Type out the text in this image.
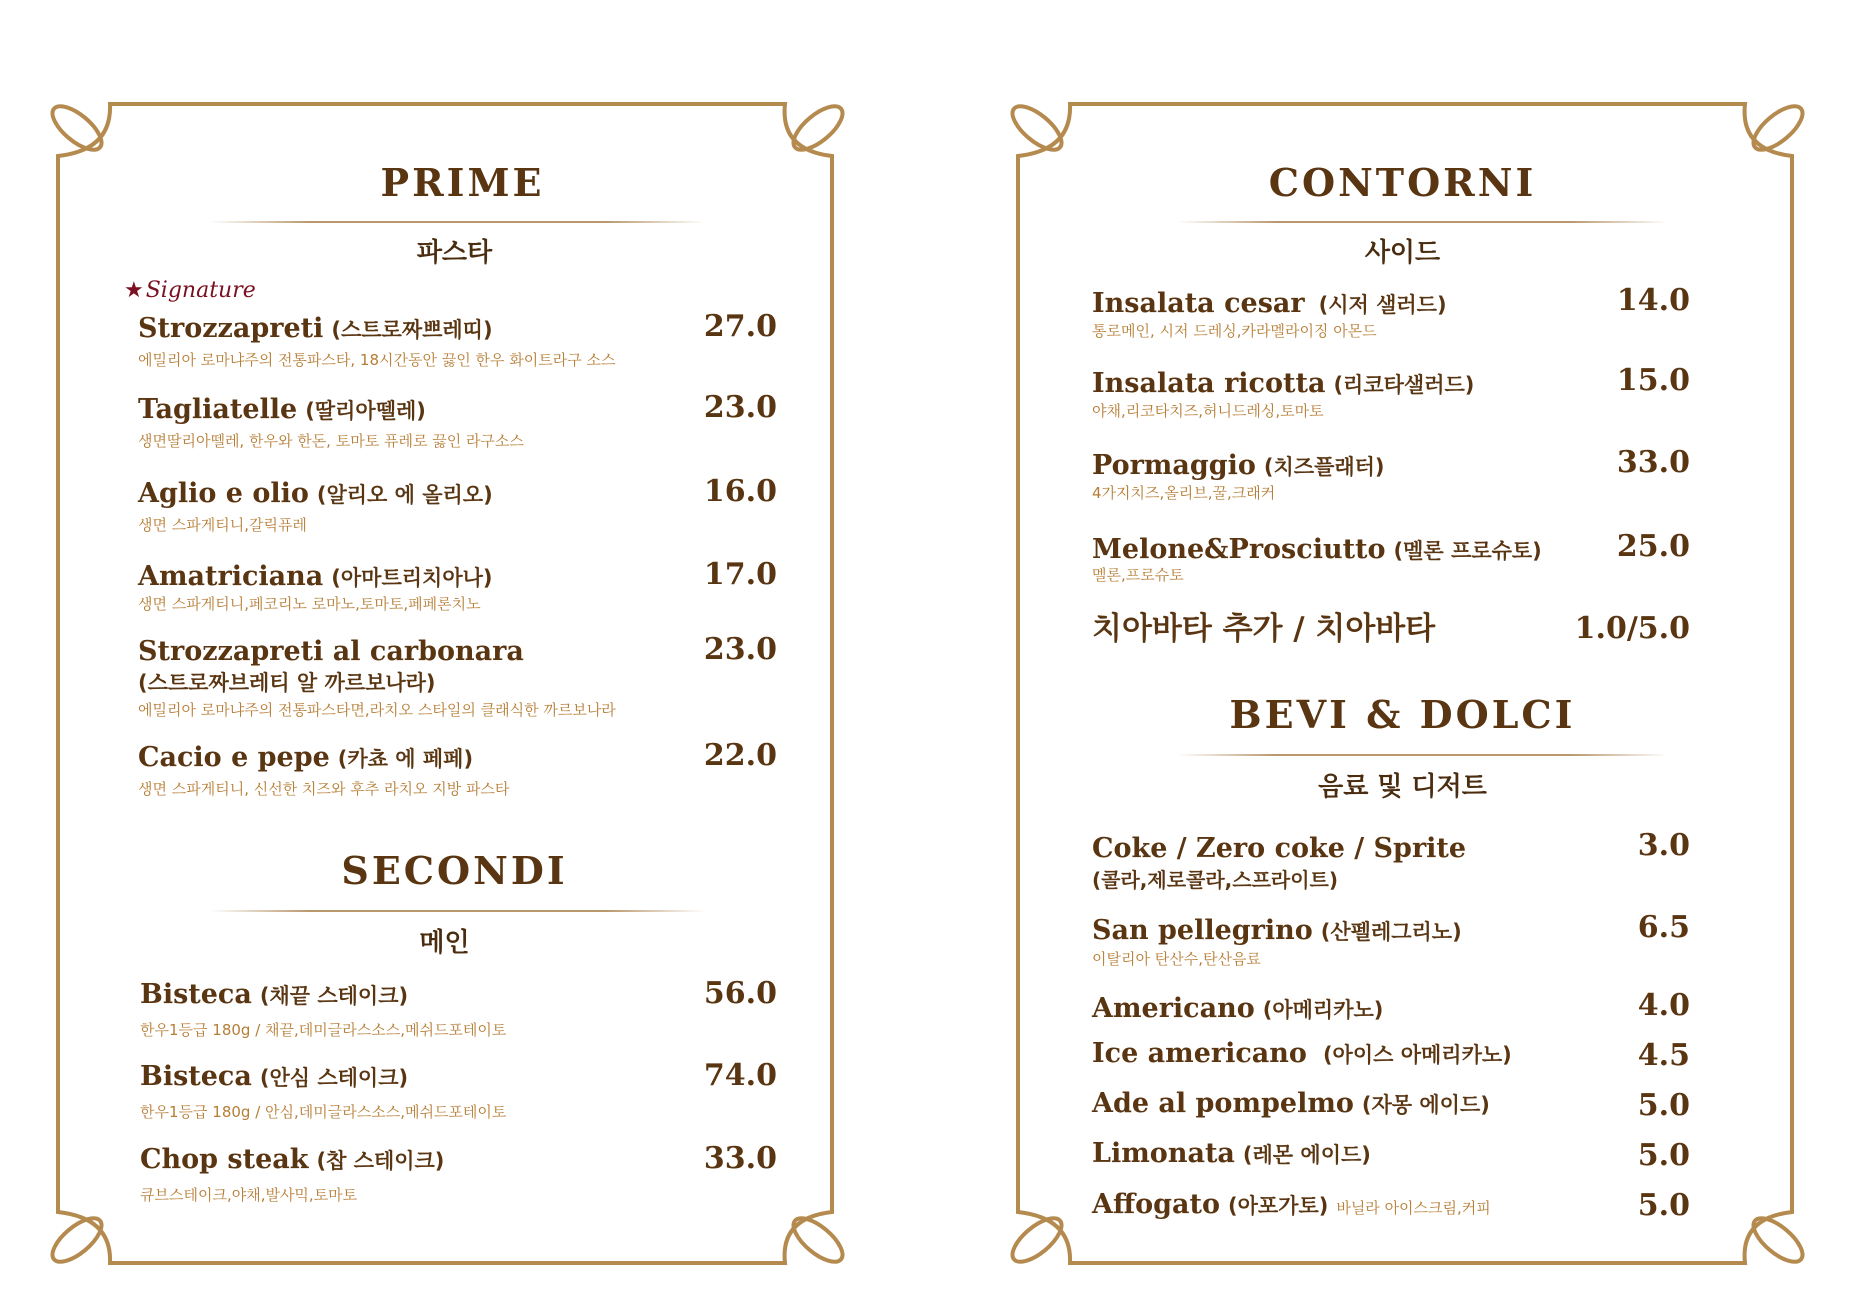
PRIME
파스타
★Signature
Strozzapreti (스트로짜쁘레띠)
에밀리아 로마냐주의 전통파스타, 18시간동안 끓인 한우 화이트라구 소스
27.0
Tagliatelle (딸리아뗄레)
생면딸리아뗄레, 한우와 한돈, 토마토 퓨레로 끓인 라구소스
23.0
Aglio e olio (알리오 에 올리오)
생면 스파게티니,갈릭퓨레
16.0
Amatriciana (아마트리치아나)
생면 스파게티니,페코리노 로마노,토마토,페페론치노
17.0
Strozzapreti al carbonara
(스트로짜브레티 알 까르보나라)
에밀리아 로마냐주의 전통파스타면,라치오 스타일의 클래식한 까르보나라
23.0
Cacio e pepe (카쵸 에 페페)
생면 스파게티니, 신선한 치즈와 후추 라치오 지방 파스타
22.0
SECONDI
메인
Bisteca (채끝 스테이크)
한우1등급 180g / 채끝,데미글라스소스,메쉬드포테이토
56.0
Bisteca (안심 스테이크)
한우1등급 180g / 안심,데미글라스소스,메쉬드포테이토
74.0
Chop steak (찹 스테이크)
큐브스테이크,야채,발사믹,토마토
33.0
CONTORNI
사이드
Insalata cesar (시저 샐러드)
통로메인, 시저 드레싱,카라멜라이징 아몬드
14.0
Insalata ricotta (리코타샐러드)
야채,리코타치즈,허니드레싱,토마토
15.0
Pormaggio (치즈플래터)
4가지치즈,올리브,꿀,크래커
33.0
Melone&Prosciutto (멜론 프로슈토)
멜론,프로슈토
25.0
치아바타 추가 / 치아바타	1.0/5.0
BEVI & DOLCI
음료 및 디저트
Coke / Zero coke / Sprite
(콜라,제로콜라,스프라이트)
3.0
San pellegrino (산펠레그리노)
이탈리아 탄산수,탄산음료
6.5
Americano (아메리카노)	4.0
Ice americano (아이스 아메리카노)	4.5
Ade al pompelmo (자몽 에이드)	5.0
Limonata (레몬 에이드)	5.0
Affogato (아포가토) 바닐라 아이스크림,커피	5.0
